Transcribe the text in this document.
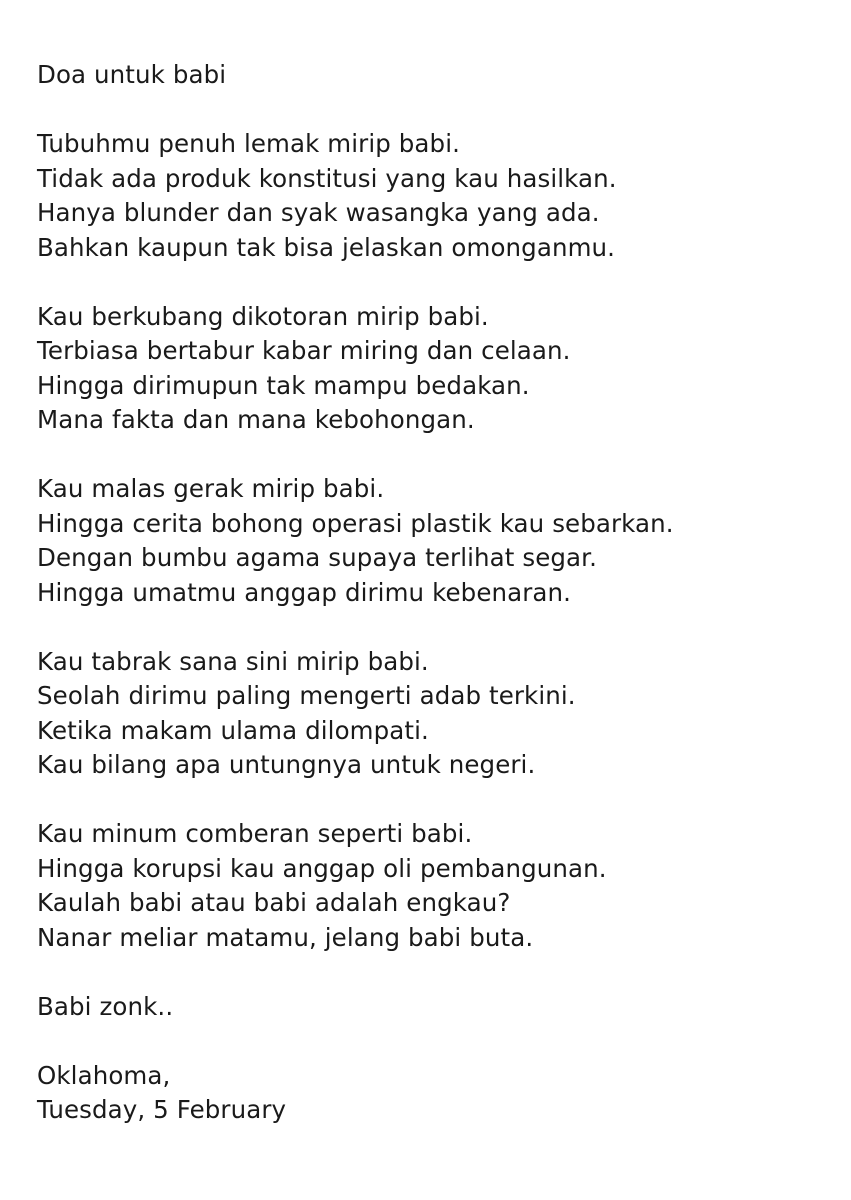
Doa untuk babi
Tubuhmu penuh lemak mirip babi.
Tidak ada produk konstitusi yang kau hasilkan.
Hanya blunder dan syak wasangka yang ada.
Bahkan kaupun tak bisa jelaskan omonganmu.
Kau berkubang dikotoran mirip babi.
Terbiasa bertabur kabar miring dan celaan.
Hingga dirimupun tak mampu bedakan.
Mana fakta dan mana kebohongan.
Kau malas gerak mirip babi.
Hingga cerita bohong operasi plastik kau sebarkan.
Dengan bumbu agama supaya terlihat segar.
Hingga umatmu anggap dirimu kebenaran.
Kau tabrak sana sini mirip babi.
Seolah dirimu paling mengerti adab terkini.
Ketika makam ulama dilompati.
Kau bilang apa untungnya untuk negeri.
Kau minum comberan seperti babi.
Hingga korupsi kau anggap oli pembangunan.
Kaulah babi atau babi adalah engkau?
Nanar meliar matamu, jelang babi buta.
Babi zonk..
Oklahoma,
Tuesday, 5 February
